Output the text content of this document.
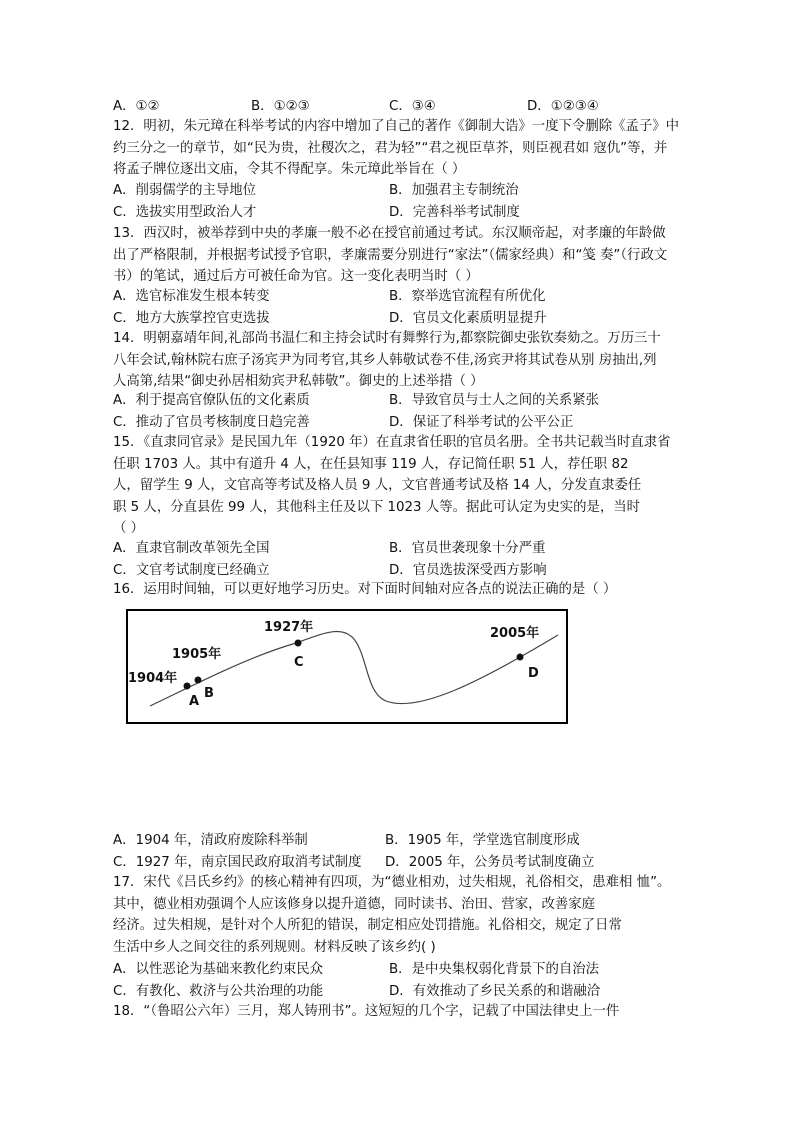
A．①②	B．①②③	C．③④	D．①②③④

12．明初，朱元璋在科举考试的内容中增加了自己的著作《御制大诰》一度下令删除《孟子》中

约三分之一的章节，如“民为贵，社稷次之，君为轻”“君之视臣草芥，则臣视君如 寇仇”等，并

将孟子牌位逐出文庙，令其不得配享。朱元璋此举旨在（ ）

A．削弱儒学的主导地位	B．加强君主专制统治
C．选拔实用型政治人才	D．完善科举考试制度

13．西汉时，被举荐到中央的孝廉一般不必在授官前通过考试。东汉顺帝起，对孝廉的年龄做

出了严格限制，并根据考试授予官职，孝廉需要分别进行“家法”（儒家经典）和“笺 奏”（行政文

书）的笔试，通过后方可被任命为官。这一变化表明当时（ ）

A．选官标准发生根本转变	B．察举选官流程有所优化
C．地方大族掌控官吏选拔	D．官员文化素质明显提升

14．明朝嘉靖年间,礼部尚书温仁和主持会试时有舞弊行为,都察院御史张钦奏劾之。万历三十

八年会试,翰林院右庶子汤宾尹为同考官,其乡人韩敬试卷不佳,汤宾尹将其试卷从别 房抽出,列

人高第,结果“御史孙居相劾宾尹私韩敬”。御史的上述举措（ ）

A．利于提高官僚队伍的文化素质	B．导致官员与士人之间的关系紧张
C．推动了官员考核制度日趋完善	D．保证了科举考试的公平公正

15．《直隶同官录》是民国九年（1920 年）在直隶省任职的官员名册。全书共记载当时直隶省

任职 1703 人。其中有道升 4 人，在任县知事 119 人，存记简任职 51 人，荐任职 82

人，留学生 9 人，文官高等考试及格人员 9 人，文官普通考试及格 14 人，分发直隶委任

职 5 人，分直县佐 99 人，其他科主任及以下 1023 人等。据此可认定为史实的是，当时

（ ）

A．直隶官制改革领先全国	B．官员世袭现象十分严重
C．文官考试制度已经确立	D．官员选拔深受西方影响

16．运用时间轴，可以更好地学习历史。对下面时间轴对应各点的说法正确的是（ ）

1904年
1905年
1927年	2005年
A
B
C
D
A．1904 年，清政府废除科举制	B．1905 年，学堂选官制度形成
C．1927 年，南京国民政府取消考试制度 D．2005 年，公务员考试制度确立

17．宋代《吕氏乡约》的核心精神有四项，为“德业相劝，过失相规，礼俗相交，患难相 恤”。

其中，德业相劝强调个人应该修身以提升道德，同时读书、治田、营家，改善家庭

经济。过失相规，是针对个人所犯的错误，制定相应处罚措施。礼俗相交，规定了日常

生活中乡人之间交往的系列规则。材料反映了该乡约( )

A．以性恶论为基础来教化约束民众	B．是中央集权弱化背景下的自治法
C．有教化、救济与公共治理的功能	D．有效推动了乡民关系的和谐融洽

18．“（鲁昭公六年）三月，郑人铸刑书”。这短短的几个字，记载了中国法律史上一件
